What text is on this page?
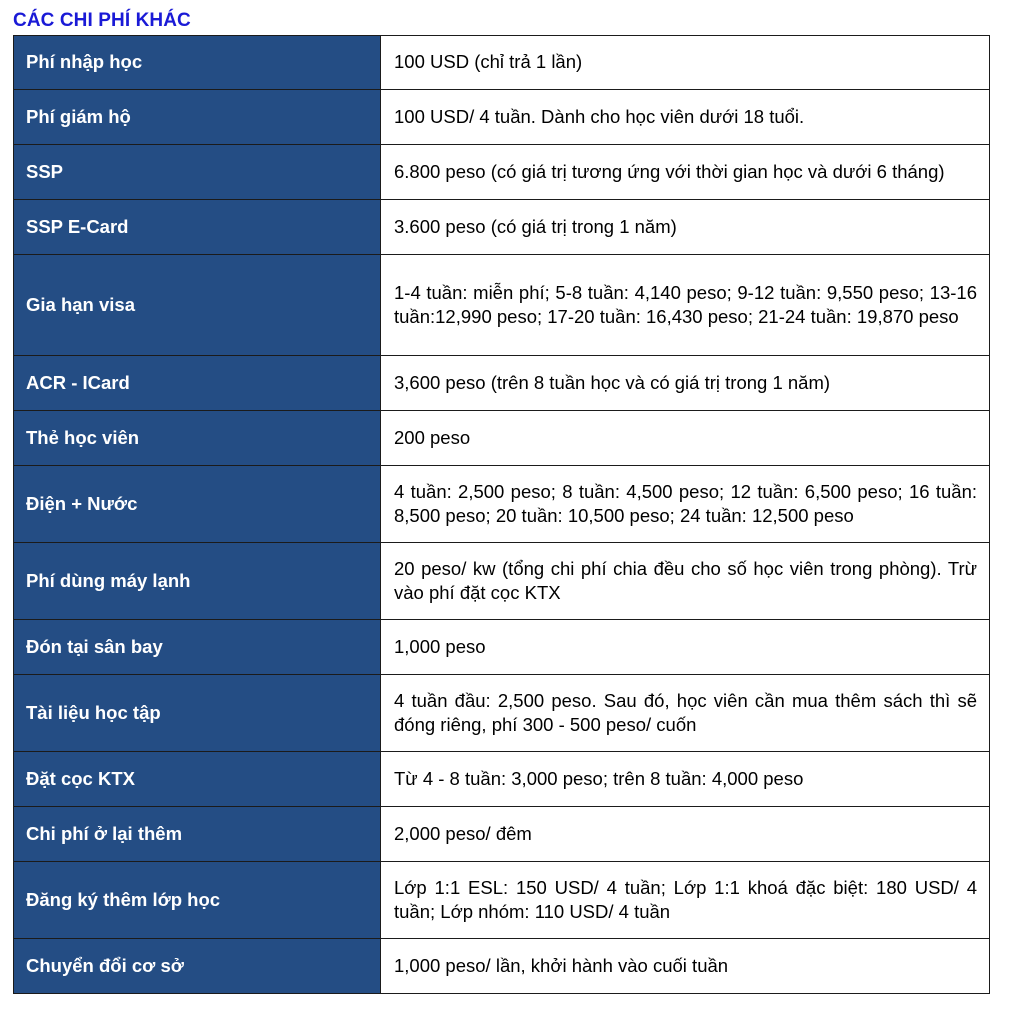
CÁC CHI PHÍ KHÁC
Phí nhập học	100 USD (chỉ trả 1 lần)
Phí giám hộ	100 USD/ 4 tuần. Dành cho học viên dưới 18 tuổi.
SSP	6.800 peso (có giá trị tương ứng với thời gian học và dưới 6 tháng)
SSP E-Card	3.600 peso (có giá trị trong 1 năm)
Gia hạn visa	1-4 tuần: miễn phí; 5-8 tuần: 4,140 peso; 9-12 tuần: 9,550 peso; 13-16 tuần:12,990 peso; 17-20 tuần: 16,430 peso; 21-24 tuần: 19,870 peso
ACR - ICard	3,600 peso (trên 8 tuần học và có giá trị trong 1 năm)
Thẻ học viên	200 peso
Điện + Nước	4 tuần: 2,500 peso; 8 tuần: 4,500 peso; 12 tuần: 6,500 peso; 16 tuần: 8,500 peso; 20 tuần: 10,500 peso; 24 tuần: 12,500 peso
Phí dùng máy lạnh	20 peso/ kw (tổng chi phí chia đều cho số học viên trong phòng). Trừ vào phí đặt cọc KTX
Đón tại sân bay	1,000 peso
Tài liệu học tập	4 tuần đầu: 2,500 peso. Sau đó, học viên cần mua thêm sách thì sẽ đóng riêng, phí 300 - 500 peso/ cuốn
Đặt cọc KTX	Từ 4 - 8 tuần: 3,000 peso; trên 8 tuần: 4,000 peso
Chi phí ở lại thêm	2,000 peso/ đêm
Đăng ký thêm lớp học	Lớp 1:1 ESL: 150 USD/ 4 tuần; Lớp 1:1 khoá đặc biệt: 180 USD/ 4 tuần; Lớp nhóm: 110 USD/ 4 tuần
Chuyển đổi cơ sở	1,000 peso/ lần, khởi hành vào cuối tuần
